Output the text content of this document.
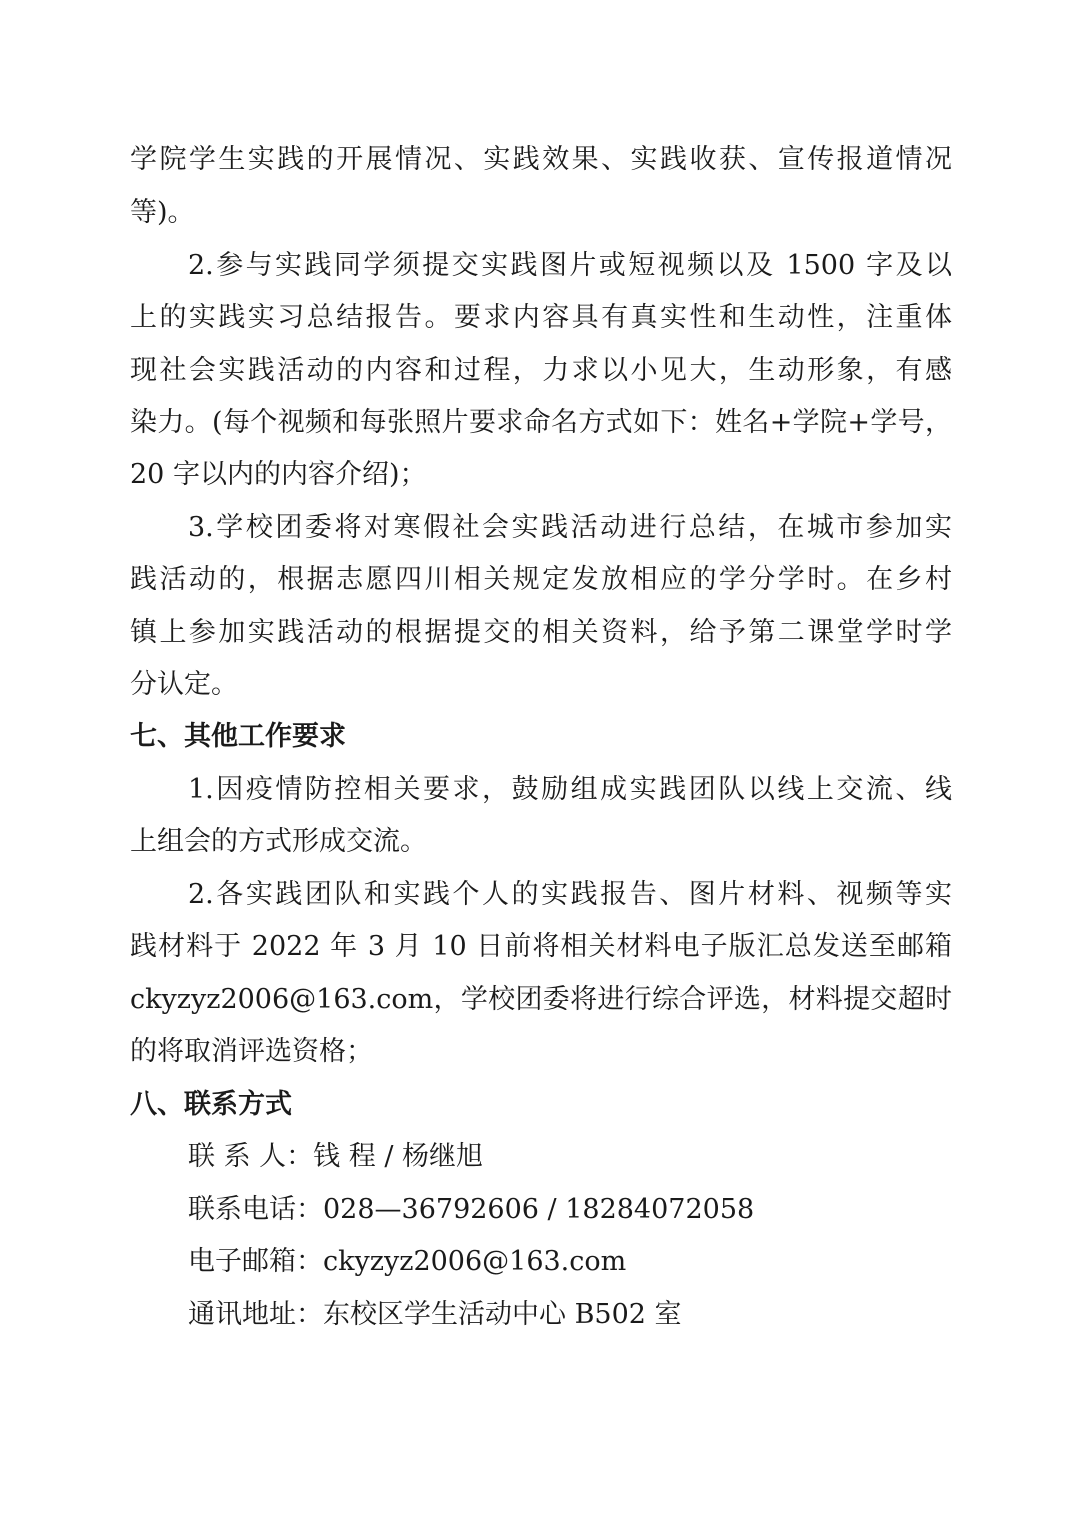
学院学生实践的开展情况、实践效果、实践收获、宣传报道情况
等)。
2.参与实践同学须提交实践图片或短视频以及 1500 字及以
上的实践实习总结报告。要求内容具有真实性和生动性，注重体
现社会实践活动的内容和过程，力求以小见大，生动形象，有感
染力。(每个视频和每张照片要求命名方式如下：姓名+学院+学号，
20 字以内的内容介绍)；
3.学校团委将对寒假社会实践活动进行总结，在城市参加实
践活动的，根据志愿四川相关规定发放相应的学分学时。在乡村
镇上参加实践活动的根据提交的相关资料，给予第二课堂学时学
分认定。
七、其他工作要求
1.因疫情防控相关要求，鼓励组成实践团队以线上交流、线
上组会的方式形成交流。
2.各实践团队和实践个人的实践报告、图片材料、视频等实
践材料于 2022 年 3 月 10 日前将相关材料电子版汇总发送至邮箱
ckyzyz2006@163.com，学校团委将进行综合评选，材料提交超时
的将取消评选资格；
八、联系方式
联 系 人：钱 程 / 杨继旭
联系电话：028—36792606 / 18284072058
电子邮箱：ckyzyz2006@163.com
通讯地址：东校区学生活动中心 B502 室
